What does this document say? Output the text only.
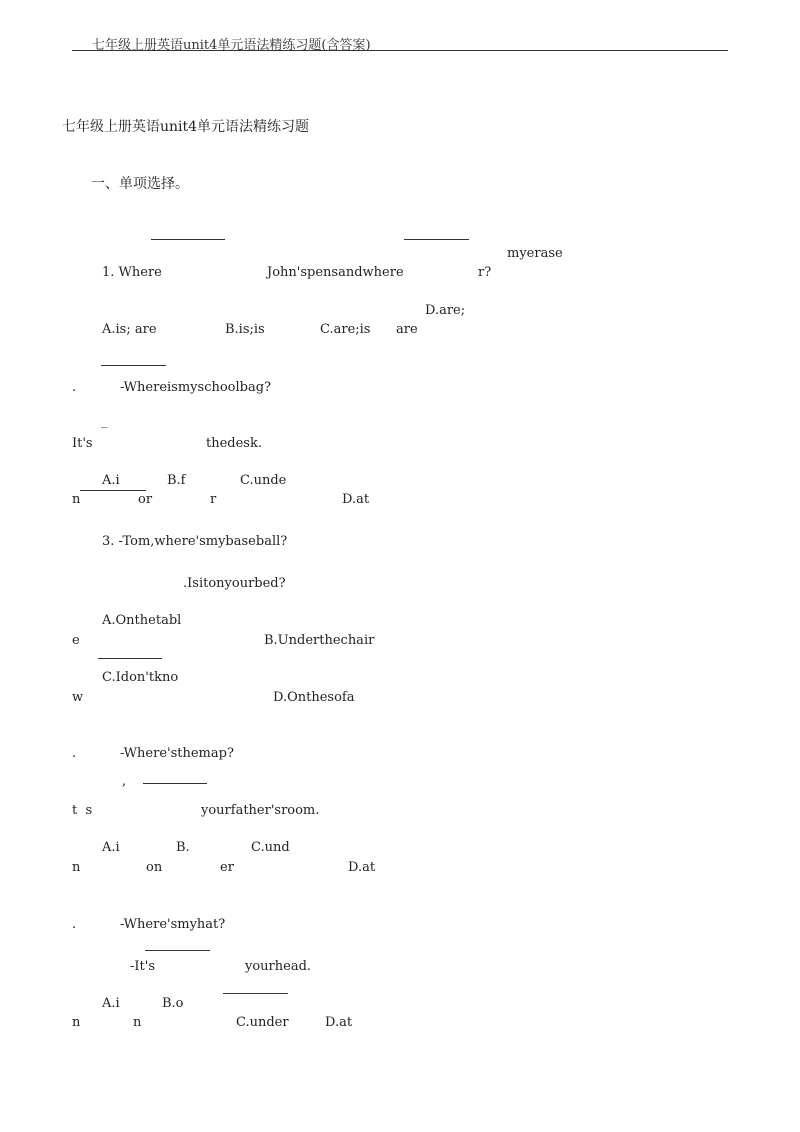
七年级上册英语unit4单元语法精练习题(含答案)
七年级上册英语unit4单元语法精练习题
一、单项选择。
myerase
1. Where	John'spensandwhere	r?
D.are;
A.is; are	B.is;is	C.are;is are
.	-Whereismyschoolbag?
_
It's	thedesk.
A.i	B.f	C.unde
n	or	r	D.at
3. -Tom,where'smybaseball?
.Isitonyourbed?
A.Onthetabl
e	B.Underthechair
C.Idon'tkno
w	D.Onthesofa
.	-Where'sthemap?
,
t  s	yourfather'sroom.
A.i	B.	C.und
n	on	er	D.at
.	-Where'smyhat?
-It's	yourhead.
A.i	B.o
n	n	C.under	D.at
